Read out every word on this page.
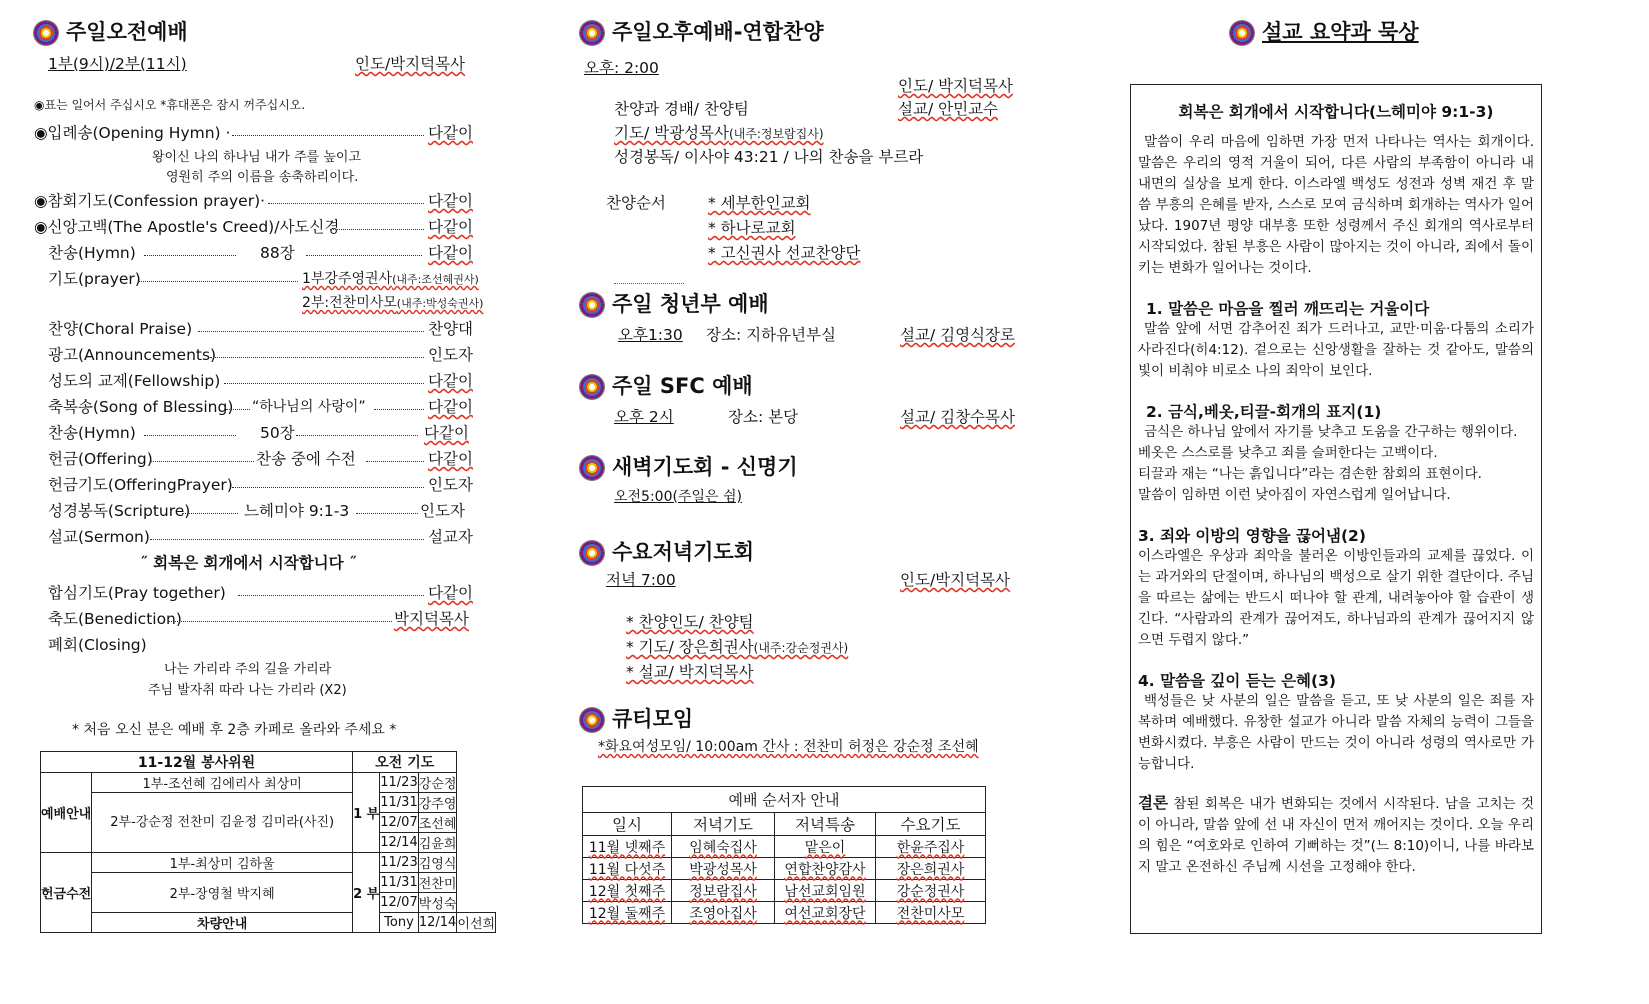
주일오전예배
1부(9시)/2부(11시)	인도/박지덕목사
◉표는 일어서 주십시오 *휴대폰은 잠시 꺼주십시오.
◉입례송(Opening Hymn) ·	다같이
왕이신 나의 하나님 내가 주를 높이고
영원히 주의 이름을 송축하리이다.
◉참회기도(Confession prayer)·	다같이
◉신앙고백(The Apostle's Creed)/사도신경	다같이
찬송(Hymn)	88장	다같이
기도(prayer)	1부강주영권사(내주:조선혜권사)
2부:전찬미사모(내주:박성숙권사)
찬양(Choral Praise)	찬양대
광고(Announcements)	인도자
성도의 교제(Fellowship)	다같이
축복송(Song of Blessing) “하나님의 사랑이”	다같이
찬송(Hymn)	50장	다같이
헌금(Offering)	찬송 중에 수전	다같이
헌금기도(OfferingPrayer)	인도자
성경봉독(Scripture)	느헤미야 9:1-3	인도자
설교(Sermon)	설교자
˝ 회복은 회개에서 시작합니다 ˝
합심기도(Pray together)	다같이
축도(Benediction)	박지덕목사
폐회(Closing)
나는 가리라 주의 길을 가리라
주님 발자취 따라 나는 가리라 (X2)
* 처음 오신 분은 예배 후 2층 카페로 올라와 주세요 *
11-12월 봉사위원		오전 기도			
예배안내	1부-조선혜 김에리사 최상미	1 부	11/23	강순정	
	2부-강순정 전찬미 김윤정 김미라(사진)		11/31	강주영	
			12/07	조선혜	
			12/14	김윤희	
헌금수전	1부-최상미 김하울	2 부	11/23	김영식	
	2부-장영철 박지혜		11/31	전찬미	
			12/07	박성숙	
	차량안내		Tony	12/14	이선희
주일오후예배-연합찬양
오후: 2:00
인도/ 박지덕목사
찬양과 경배/ 찬양팀	설교/ 안민교수
기도/ 박광성목사(내주:정보람집사)
성경봉독/ 이사야 43:21 / 나의 찬송을 부르라
찬양순서	* 세부한인교회
* 하나로교회
* 고신권사 선교찬양단
주일 청년부 예배
오후1:30 장소: 지하유년부실	설교/ 김영식장로
주일 SFC 예배
오후 2시	장소: 본당	설교/ 김창수목사
새벽기도회 - 신명기
오전5:00(주일은 쉼)
수요저녁기도회
저녁 7:00	인도/박지덕목사
* 찬양인도/ 찬양팀
* 기도/ 장은희권사(내주:강순정권사)
* 설교/ 박지덕목사
큐티모임
*화요여성모임/ 10:00am 간사 : 전찬미 허정은 강순정 조선혜
예배 순서자 안내			
일시	저녁기도	저녁특송	수요기도
11월 넷째주	임혜숙집사	맡은이	한윤주집사
11월 다섯주	박광성목사	연합찬양감사	장은희권사
12월 첫째주	정보람집사	남선교회임원	강순정권사
12월 둘째주	조영아집사	여선교회장단	전찬미사모
설교 요약과 묵상
회복은 회개에서 시작합니다(느헤미야 9:1-3)
말씀이 우리 마음에 임하면 가장 먼저 나타나는 역사는 회개이다. 말씀은 우리의 영적 거울이 되어, 다른 사람의 부족함이 아니라 내 내면의 실상을 보게 한다. 이스라엘 백성도 성전과 성벽 재건 후 말씀 부흥의 은혜를 받자, 스스로 모여 금식하며 회개하는 역사가 일어났다. 1907년 평양 대부흥 또한 성령께서 주신 회개의 역사로부터 시작되었다. 참된 부흥은 사람이 많아지는 것이 아니라, 죄에서 돌이키는 변화가 일어나는 것이다.
1. 말씀은 마음을 찔러 깨뜨리는 거울이다
말씀 앞에 서면 감추어진 죄가 드러나고, 교만·미움·다툼의 소리가 사라진다(히4:12). 겉으로는 신앙생활을 잘하는 것 같아도, 말씀의 빛이 비춰야 비로소 나의 죄악이 보인다.
2. 금식,베옷,티끌-회개의 표지(1)
금식은 하나님 앞에서 자기를 낮추고 도움을 간구하는 행위이다.
베옷은 스스로를 낮추고 죄를 슬퍼한다는 고백이다.
티끌과 재는 “나는 흙입니다”라는 겸손한 참회의 표현이다.
말씀이 임하면 이런 낮아짐이 자연스럽게 일어납니다.
3. 죄와 이방의 영향을 끊어냄(2)
이스라엘은 우상과 죄악을 불러온 이방인들과의 교제를 끊었다. 이는 과거와의 단절이며, 하나님의 백성으로 살기 위한 결단이다. 주님을 따르는 삶에는 반드시 떠나야 할 관계, 내려놓아야 할 습관이 생긴다. “사람과의 관계가 끊어져도, 하나님과의 관계가 끊어지지 않으면 두렵지 않다.”
4. 말씀을 깊이 듣는 은혜(3)
백성들은 낮 사분의 일은 말씀을 듣고, 또 낮 사분의 일은 죄를 자복하며 예배했다. 유창한 설교가 아니라 말씀 자체의 능력이 그들을 변화시켰다. 부흥은 사람이 만드는 것이 아니라 성령의 역사로만 가능합니다.
결론 참된 회복은 내가 변화되는 것에서 시작된다. 남을 고치는 것이 아니라, 말씀 앞에 선 내 자신이 먼저 깨어지는 것이다. 오늘 우리의 힘은 “여호와로 인하여 기뻐하는 것”(느 8:10)이니, 나를 바라보지 말고 온전하신 주님께 시선을 고정해야 한다.
